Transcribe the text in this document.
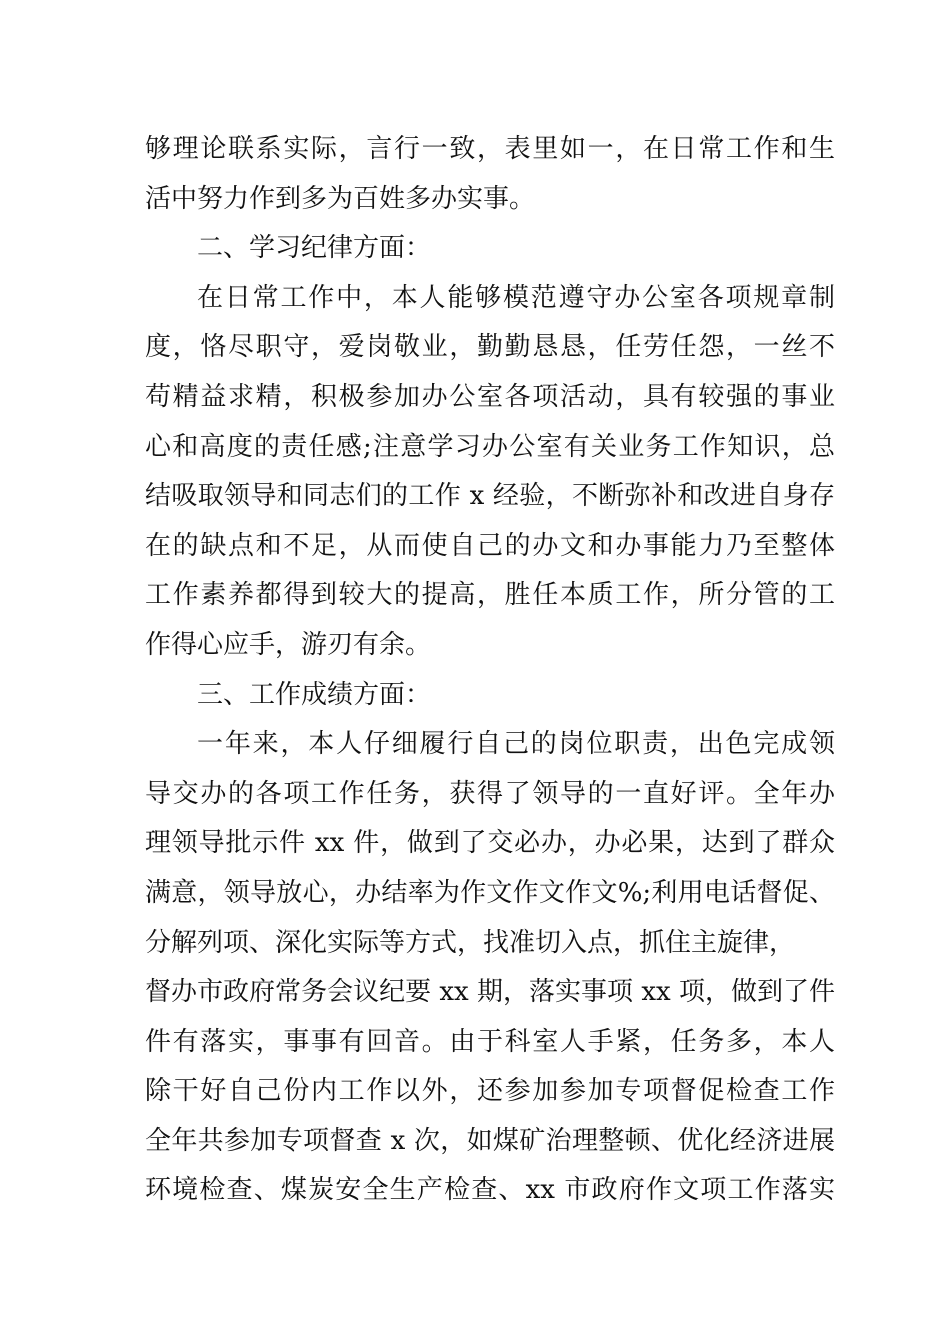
够理论联系实际，言行一致，表里如一，在日常工作和生
活中努力作到多为百姓多办实事。
二、学习纪律方面：
在日常工作中，本人能够模范遵守办公室各项规章制
度，恪尽职守，爱岗敬业，勤勤恳恳，任劳任怨，一丝不
苟精益求精，积极参加办公室各项活动，具有较强的事业
心和高度的责任感;注意学习办公室有关业务工作知识，总
结吸取领导和同志们的工作 x 经验，不断弥补和改进自身存
在的缺点和不足，从而使自己的办文和办事能力乃至整体
工作素养都得到较大的提高，胜任本质工作，所分管的工
作得心应手，游刃有余。
三、工作成绩方面：
一年来，本人仔细履行自己的岗位职责，出色完成领
导交办的各项工作任务，获得了领导的一直好评。全年办
理领导批示件 xx 件，做到了交必办，办必果，达到了群众
满意，领导放心，办结率为作文作文作文%;利用电话督促、
分解列项、深化实际等方式，找准切入点，抓住主旋律，
督办市政府常务会议纪要 xx 期，落实事项 xx 项，做到了件
件有落实，事事有回音。由于科室人手紧，任务多，本人
除干好自己份内工作以外，还参加参加专项督促检查工作
全年共参加专项督查 x 次，如煤矿治理整顿、优化经济进展
环境检查、煤炭安全生产检查、xx 市政府作文项工作落实
